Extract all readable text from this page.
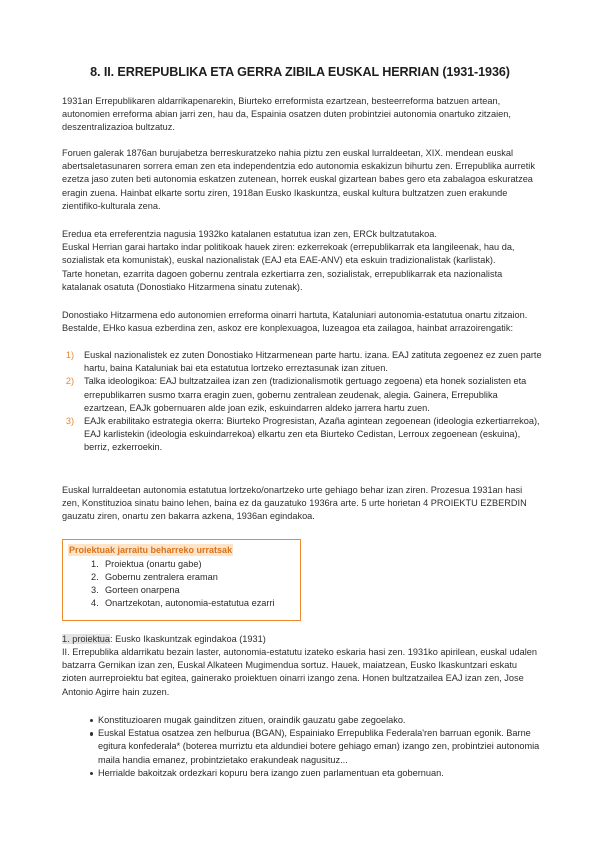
8. II. ERREPUBLIKA ETA GERRA ZIBILA EUSKAL HERRIAN (1931-1936)

1931an Errepublikaren aldarrikapenarekin, Biurteko erreformista ezartzean, besteerreforma batzuen artean, autonomien erreforma abian jarri zen, hau da, Espainia osatzen duten probintziei autonomia onartuko zitzaien, deszentralizazioa bultzatuz.

Foruen galerak 1876an burujabetza berreskuratzeko nahia piztu zen euskal lurraldeetan, XIX. mendean euskal abertsaletasunaren sorrera eman zen eta independentzia edo autonomia eskakizun bihurtu zen. Errepublika aurretik ezetza jaso zuten beti autonomia eskatzen zutenean, horrek euskal gizartean babes gero eta zabalagoa eskuratzea eragin zuena. Hainbat elkarte sortu ziren, 1918an Eusko Ikaskuntza, euskal kultura bultzatzen zuen erakunde zientifiko-kulturala zena.

Eredua eta erreferentzia nagusia 1932ko katalanen estatutua izan zen, ERCk bultzatutakoa.

Euskal Herrian garai hartako indar politikoak hauek ziren: ezkerrekoak (errepublikarrak eta langileenak, hau da, sozialistak eta komunistak), euskal nazionalistak (EAJ eta EAE-ANV) eta eskuin tradizionalistak (karlistak).

Tarte honetan, ezarrita dagoen gobernu zentrala ezkertiarra zen, sozialistak, errepublikarrak eta nazionalista katalanak osatuta (Donostiako Hitzarmena sinatu zutenak).

Donostiako Hitzarmena edo autonomien erreforma oinarri hartuta, Kataluniari autonomia-estatutua onartu zitzaion. Bestalde, EHko kasua ezberdina zen, askoz ere konplexuagoa, luzeagoa eta zailagoa, hainbat arrazoirengatik:

1) Euskal nazionalistek ez zuten Donostiako Hitzarmenean parte hartu. izana. EAJ zatituta zegoenez ez zuen parte hartu, baina Kataluniak bai eta estatutua lortzeko erreztasunak izan zituen.
2) Talka ideologikoa: EAJ bultzatzailea izan zen (tradizionalismotik gertuago zegoena) eta honek sozialisten eta errepublikarren susmo txarra eragin zuen, gobernu zentralean zeudenak, alegia. Gainera, Errepublika ezartzean, EAJk gobernuaren alde joan ezik, eskuindarren aldeko jarrera hartu zuen.
3) EAJk erabilitako estrategia okerra: Biurteko Progresistan, Azaña agintean zegoenean (ideologia ezkertiarrekoa), EAJ karlistekin (ideologia eskuindarrekoa) elkartu zen eta Biurteko Cedistan, Lerroux zegoenean (eskuina), berriz, ezkerroekin.

Euskal lurraldeetan autonomia estatutua lortzeko/onartzeko urte gehiago behar izan ziren. Prozesua 1931an hasi zen, Konstituzioa sinatu baino lehen, baina ez da gauzatuko 1936ra arte. 5 urte horietan 4 PROIEKTU EZBERDIN gauzatu ziren, onartu zen bakarra azkena, 1936an egindakoa.

Proiektuak jarraitu beharreko urratsak
1. Proiektua (onartu gabe)
2. Gobernu zentralera eraman
3. Gorteen onarpena
4. Onartzekotan, autonomia-estatutua ezarri

1. proiektua: Eusko Ikaskuntzak egindakoa (1931)

II. Errepublika aldarrikatu bezain laster, autonomia-estatutu izateko eskaria hasi zen. 1931ko apirilean, euskal udalen batzarra Gernikan izan zen, Euskal Alkateen Mugimendua sortuz. Hauek, maiatzean, Eusko Ikaskuntzari eskatu zioten aurreproiektu bat egitea, gainerako proiektuen oinarri izango zena. Honen bultzatzailea EAJ izan zen, Jose Antonio Agirre hain zuzen.

Konstituzioaren mugak gainditzen zituen, oraindik gauzatu gabe zegoelako.
Euskal Estatua osatzea zen helburua (BGAN), Espainiako Errepublika Federala'ren barruan egonik. Barne egitura konfederala* (boterea murriztu eta aldundiei botere gehiago eman) izango zen, probintziei autonomia maila handia emanez, probintzietako erakundeak nagusituz...
Herrialde bakoitzak ordezkari kopuru bera izango zuen parlamentuan eta gobernuan.
